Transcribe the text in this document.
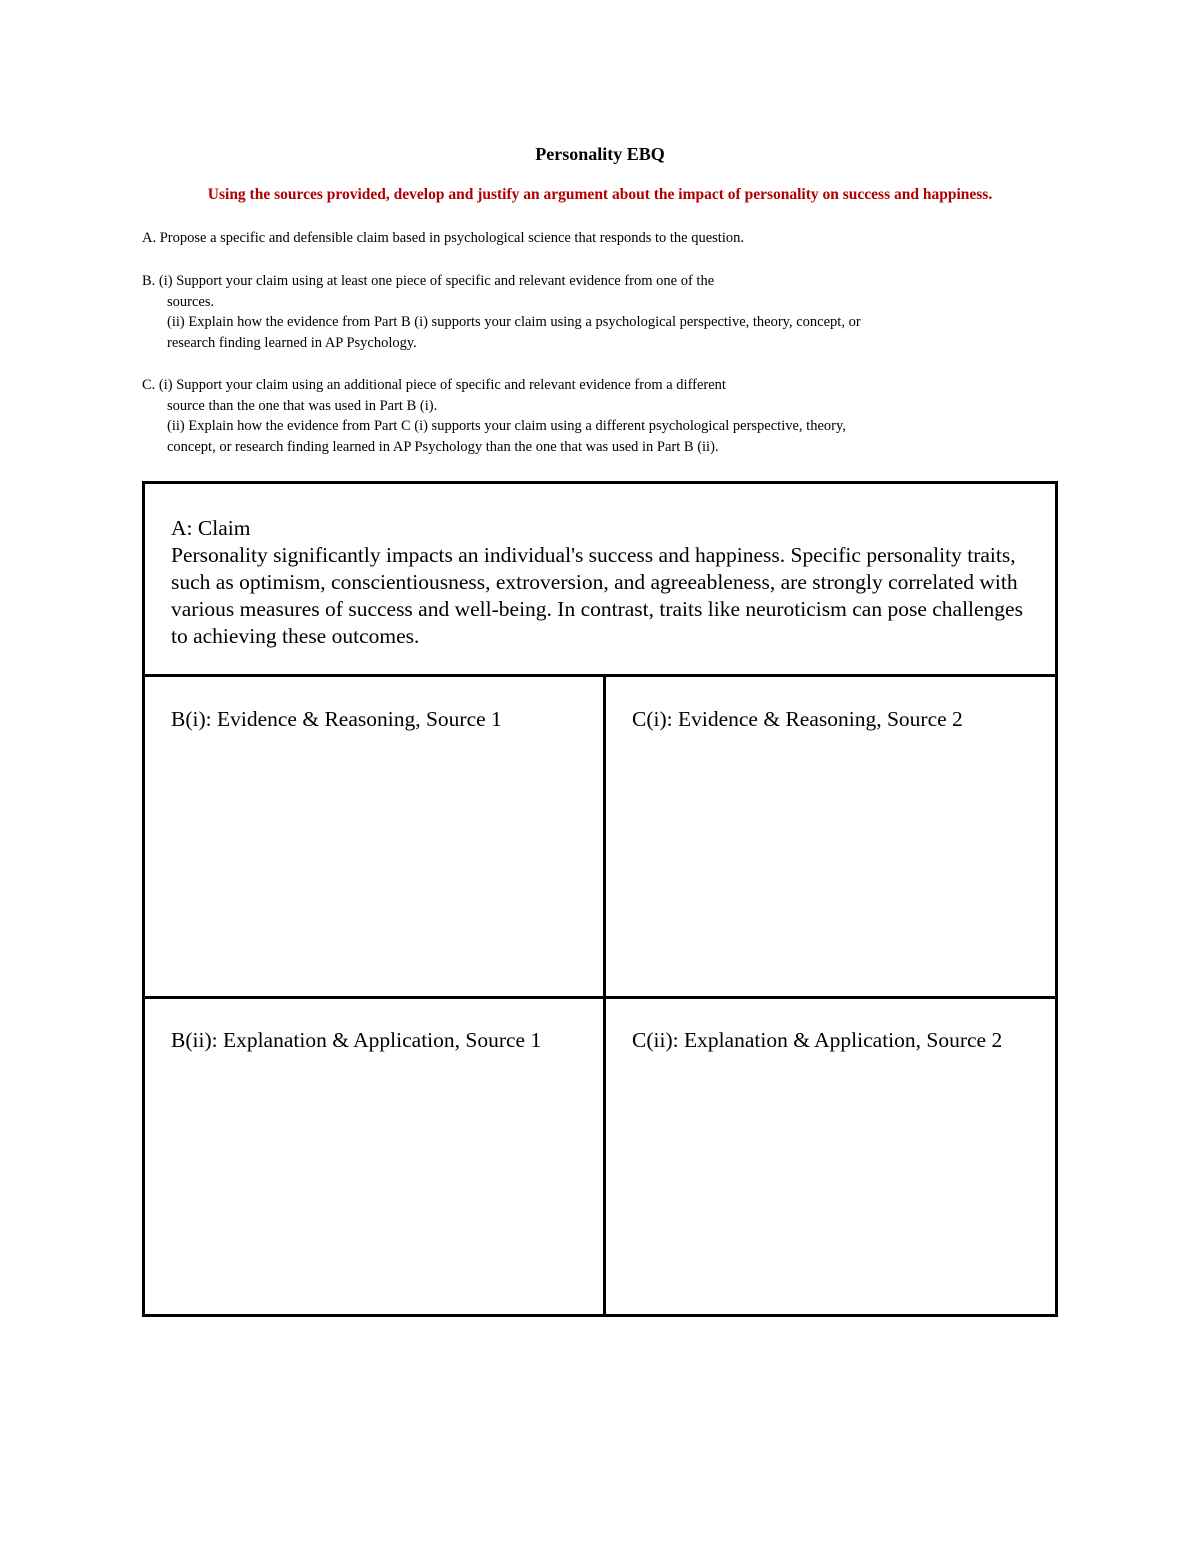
Personality EBQ
Using the sources provided, develop and justify an argument about the impact of personality on success and happiness.
A. Propose a specific and defensible claim based in psychological science that responds to the question.
B. (i) Support your claim using at least one piece of specific and relevant evidence from one of the
sources.
(ii) Explain how the evidence from Part B (i) supports your claim using a psychological perspective, theory, concept, or
research finding learned in AP Psychology.
C. (i) Support your claim using an additional piece of specific and relevant evidence from a different
source than the one that was used in Part B (i).
(ii) Explain how the evidence from Part C (i) supports your claim using a different psychological perspective, theory,
concept, or research finding learned in AP Psychology than the one that was used in Part B (ii).
A: Claim
Personality significantly impacts an individual's success and happiness. Specific personality traits, such as optimism, conscientiousness, extroversion, and agreeableness, are strongly correlated with various measures of success and well-being. In contrast, traits like neuroticism can pose challenges to achieving these outcomes.
B(i): Evidence & Reasoning, Source 1	C(i): Evidence & Reasoning, Source 2
B(ii): Explanation & Application, Source 1	C(ii): Explanation & Application, Source 2
